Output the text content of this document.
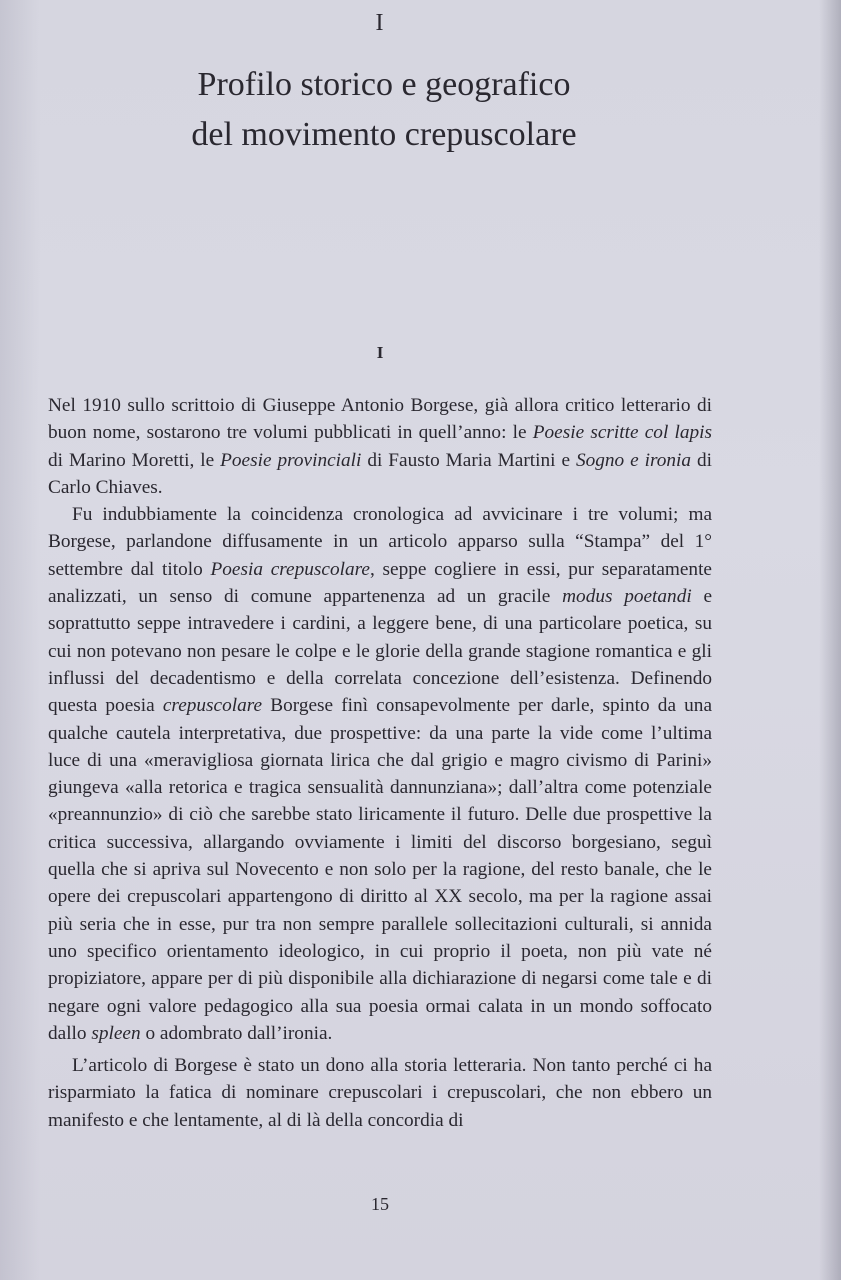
I
Profilo storico e geografico
del movimento crepuscolare
I

Nel 1910 sullo scrittoio di Giuseppe Antonio Borgese, già allora critico letterario di buon nome, sostarono tre volumi pubblicati in quell’anno: le Poesie scritte col lapis di Marino Moretti, le Poesie provinciali di Fausto Maria Martini e Sogno e ironia di Carlo Chiaves.

Fu indubbiamente la coincidenza cronologica ad avvicinare i tre volumi; ma Borgese, parlandone diffusamente in un articolo apparso sulla “Stampa” del 1° settembre dal titolo Poesia crepuscolare, seppe cogliere in essi, pur separatamente analizzati, un senso di comune appartenenza ad un gracile modus poetandi e soprattutto seppe intravedere i cardini, a leggere bene, di una particolare poetica, su cui non potevano non pesare le colpe e le glorie della grande stagione romantica e gli influssi del decadentismo e della correlata concezione dell’esistenza. Definendo questa poesia crepuscolare Borgese finì consapevolmente per darle, spinto da una qualche cautela interpretativa, due prospettive: da una parte la vide come l’ultima luce di una «meravigliosa giornata lirica che dal grigio e magro civismo di Parini» giungeva «alla retorica e tragica sensualità dannunziana»; dall’altra come potenziale «preannunzio» di ciò che sarebbe stato liricamente il futuro. Delle due prospettive la critica successiva, allargando ovviamente i limiti del discorso borgesiano, seguì quella che si apriva sul Novecento e non solo per la ragione, del resto banale, che le opere dei crepuscolari appartengono di diritto al XX secolo, ma per la ragione assai più seria che in esse, pur tra non sempre parallele sollecitazioni culturali, si annida uno specifico orientamento ideologico, in cui proprio il poeta, non più vate né propiziatore, appare per di più disponibile alla dichiarazione di negarsi come tale e di negare ogni valore pedagogico alla sua poesia ormai calata in un mondo soffocato dallo spleen o adombrato dall’ironia.

L’articolo di Borgese è stato un dono alla storia letteraria. Non tanto perché ci ha risparmiato la fatica di nominare crepuscolari i crepuscolari, che non ebbero un manifesto e che lentamente, al di là della concordia di

15
